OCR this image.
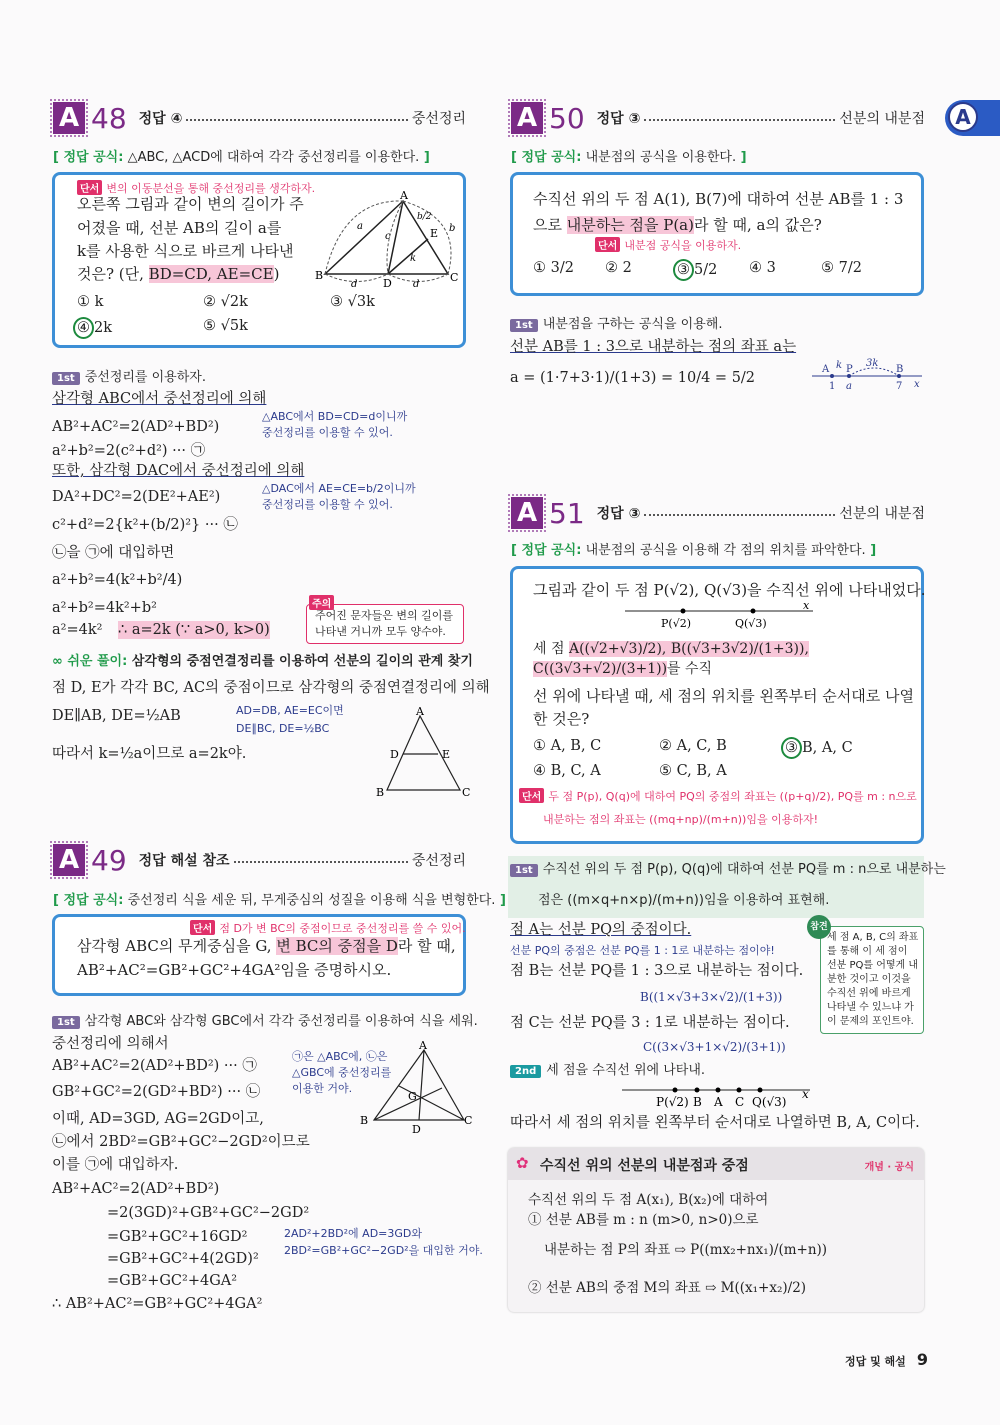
A
A 48 정답 ④	중선정리
[ 정답 공식: △ABC, △ACD에 대하여 각각 중선정리를 이용한다. ]
단서 변의 이동분선을 통해 중선정리를 생각하자.
오른쪽 그림과 같이 변의 길이가 주
어졌을 때, 선분 AB의 길이 a를
k를 사용한 식으로 바르게 나타낸
것은? (단, BD=CD, AE=CE)
① k	② √2k	③ √3k
④ 2k	⑤ √5k
A
B	C
D
E
a	b
c
d	d
k
b/2
1st 중선정리를 이용하자.
삼각형 ABC에서 중선정리에 의해
AB²+AC²=2(AD²+BD²)
△ABC에서 BD=CD=d이니까
중선정리를 이용할 수 있어.
a²+b²=2(c²+d²) ··· ㉠
또한, 삼각형 DAC에서 중선정리에 의해
DA²+DC²=2(DE²+AE²)
△DAC에서 AE=CE=b/2이니까
중선정리를 이용할 수 있어.
c²+d²=2{k²+(b/2)²} ··· ㉡
㉡을 ㉠에 대입하면
a²+b²=4(k²+b²/4)
a²+b²=4k²+b²
a²=4k² ∴ a=2k (∵ a>0, k>0)
주의
주어진 문자들은 변의 길이를
나타낸 거니까 모두 양수야.
∞ 쉬운 풀이: 삼각형의 중점연결정리를 이용하여 선분의 길이의 관계 찾기
점 D, E가 각각 BC, AC의 중점이므로 삼각형의 중점연결정리에 의해
DE∥AB, DE=½AB	AD=DB, AE=EC이면
DE∥BC, DE=½BC
따라서 k=½a이므로 a=2k야.
A
B	C
D	E
A 49 정답 해설 참조	중선정리
[ 정답 공식: 중선정리 식을 세운 뒤, 무게중심의 성질을 이용해 식을 변형한다. ]
단서 점 D가 변 BC의 중점이므로 중선정리를 쓸 수 있어.
삼각형 ABC의 무게중심을 G, 변 BC의 중점을 D라 할 때,
AB²+AC²=GB²+GC²+4GA²임을 증명하시오.
1st 삼각형 ABC와 삼각형 GBC에서 각각 중선정리를 이용하여 식을 세워.
중선정리에 의해서
AB²+AC²=2(AD²+BD²) ··· ㉠
GB²+GC²=2(GD²+BD²) ··· ㉡
㉠은 △ABC에, ㉡은
△GBC에 중선정리를
이용한 거야.
이때, AD=3GD, AG=2GD이고,
㉡에서 2BD²=GB²+GC²−2GD²이므로
이를 ㉠에 대입하자.
AB²+AC²=2(AD²+BD²)
=2(3GD)²+GB²+GC²−2GD²
=GB²+GC²+16GD²	2AD²+2BD²에 AD=3GD와
2BD²=GB²+GC²−2GD²을 대입한 거야.
=GB²+GC²+4(2GD)²
=GB²+GC²+4GA²
∴ AB²+AC²=GB²+GC²+4GA²
A
B	C
D
G
A 50 정답 ③	선분의 내분점
[ 정답 공식: 내분점의 공식을 이용한다. ]
수직선 위의 두 점 A(1), B(7)에 대하여 선분 AB를 1 : 3
으로 내분하는 점을 P(a)라 할 때, a의 값은?
단서 내분점 공식을 이용하자.
① 3/2 ② 2	③ 5/2 ④ 3	⑤ 7/2
1st 내분점을 구하는 공식을 이용해.
선분 AB를 1 : 3으로 내분하는 점의 좌표 a는
a = (1·7+3·1)/(1+3) = 10/4 = 5/2
A k P
3k
B
1 a	7 x
A 51 정답 ③	선분의 내분점
[ 정답 공식: 내분점의 공식을 이용해 각 점의 위치를 파악한다. ]
그림과 같이 두 점 P(√2), Q(√3)을 수직선 위에 나타내었다.
P(√2)	Q(√3)
x
세 점 A((√2+√3)/2), B((√3+3√2)/(1+3)), C((3√3+√2)/(3+1))를 수직
선 위에 나타낼 때, 세 점의 위치를 왼쪽부터 순서대로 나열
한 것은?
① A, B, C	② A, C, B	③ B, A, C
④ B, C, A	⑤ C, B, A
단서 두 점 P(p), Q(q)에 대하여 PQ의 중점의 좌표는 ((p+q)/2), PQ를 m : n으로
내분하는 점의 좌표는 ((mq+np)/(m+n))임을 이용하자!
1st 수직선 위의 두 점 P(p), Q(q)에 대하여 선분 PQ를 m : n으로 내분하는
점은 ((m×q+n×p)/(m+n))임을 이용하여 표현해.
점 A는 선분 PQ의 중점이다.
선분 PQ의 중점은 선분 PQ를 1 : 1로 내분하는 점이야!
점 B는 선분 PQ를 1 : 3으로 내분하는 점이다.
B((1×√3+3×√2)/(1+3))
점 C는 선분 PQ를 3 : 1로 내분하는 점이다.
C((3×√3+1×√2)/(3+1))
참견
세 점 A, B, C의 좌표를 통해 이 세 점이 선분 PQ를 어떻게 내분한 것이고 이것을 수직선 위에 바르게 나타낼 수 있느냐 가 이 문제의 포인트야.
2nd 세 점을 수직선 위에 나타내.
P(√2) B A C Q(√3)
x
따라서 세 점의 위치를 왼쪽부터 순서대로 나열하면 B, A, C이다.
✿ 수직선 위의 선분의 내분점과 중점	개념 · 공식
수직선 위의 두 점 A(x₁), B(x₂)에 대하여
① 선분 AB를 m : n (m>0, n>0)으로
내분하는 점 P의 좌표 ⇨ P((mx₂+nx₁)/(m+n))
② 선분 AB의 중점 M의 좌표 ⇨ M((x₁+x₂)/2)
정답 및 해설 9
